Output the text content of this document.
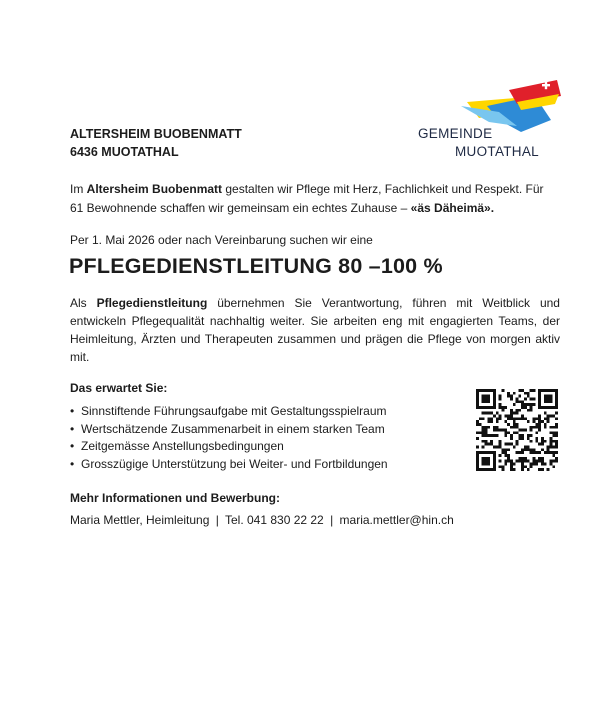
ALTERSHEIM BUOBENMATT
6436 MUOTATHAL
GEMEINDE
MUOTATHAL
Im Altersheim Buobenmatt gestalten wir Pflege mit Herz, Fachlichkeit und Respekt. Für 61 Bewohnende schaffen wir gemeinsam ein echtes Zuhause – «äs Däheimä».
Per 1. Mai 2026 oder nach Vereinbarung suchen wir eine
PFLEGEDIENSTLEITUNG 80 –100 %
Als Pflegedienstleitung übernehmen Sie Verantwortung, führen mit Weitblick und entwickeln Pflegequalität nachhaltig weiter. Sie arbeiten eng mit engagierten Teams, der Heimleitung, Ärzten und Therapeuten zusammen und prägen die Pflege von morgen aktiv mit.
Das erwartet Sie:
• Sinnstiftende Führungsaufgabe mit Gestaltungsspielraum
• Wertschätzende Zusammenarbeit in einem starken Team
• Zeitgemässe Anstellungsbedingungen
• Grosszügige Unterstützung bei Weiter- und Fortbildungen
Mehr Informationen und Bewerbung:
Maria Mettler, Heimleitung | Tel. 041 830 22 22 | maria.mettler@hin.ch
